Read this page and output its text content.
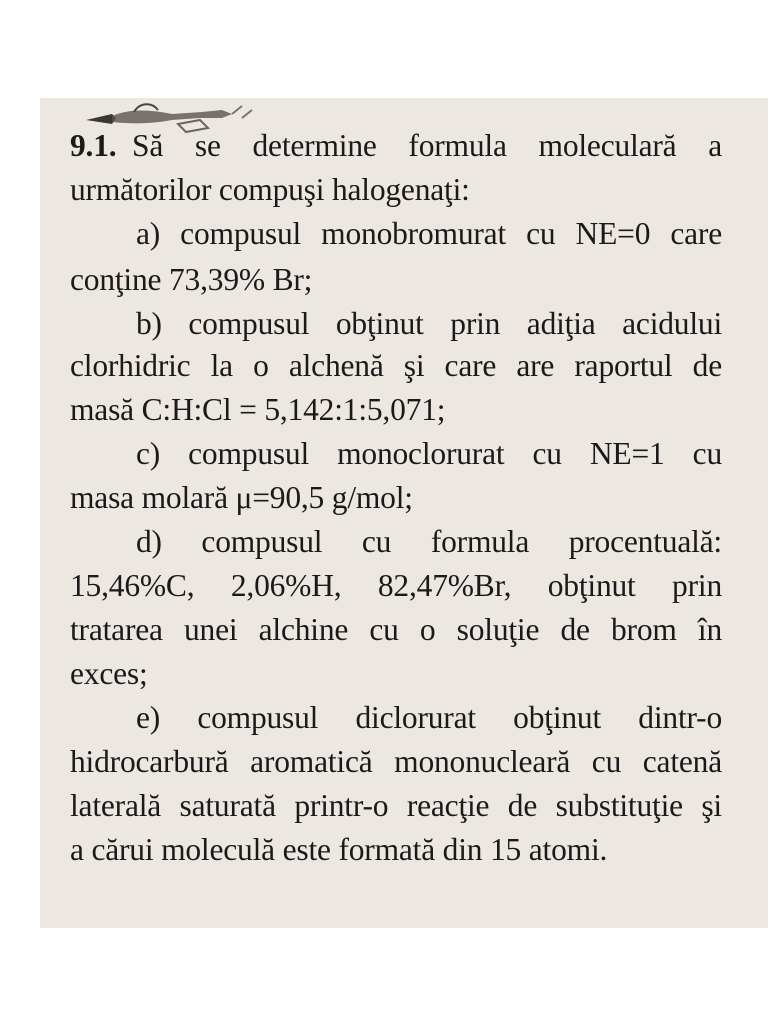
9.1.  Să se determine formula moleculară a
următorilor compuşi halogenaţi:
a) compusul monobromurat cu NE=0 care
conţine 73,39% Br;
b) compusul obţinut prin adiţia acidului
clorhidric la o alchenă şi care are raportul de
masă C:H:Cl = 5,142:1:5,071;
c) compusul monoclorurat cu NE=1 cu
masa molară μ=90,5 g/mol;
d) compusul cu formula procentuală:
15,46%C, 2,06%H, 82,47%Br, obţinut prin
tratarea unei alchine cu o soluţie de brom în
exces;
e) compusul diclorurat obţinut dintr-o
hidrocarbură aromatică mononucleară cu catenă
laterală saturată printr-o reacţie de substituţie şi
a cărui moleculă este formată din 15 atomi.
